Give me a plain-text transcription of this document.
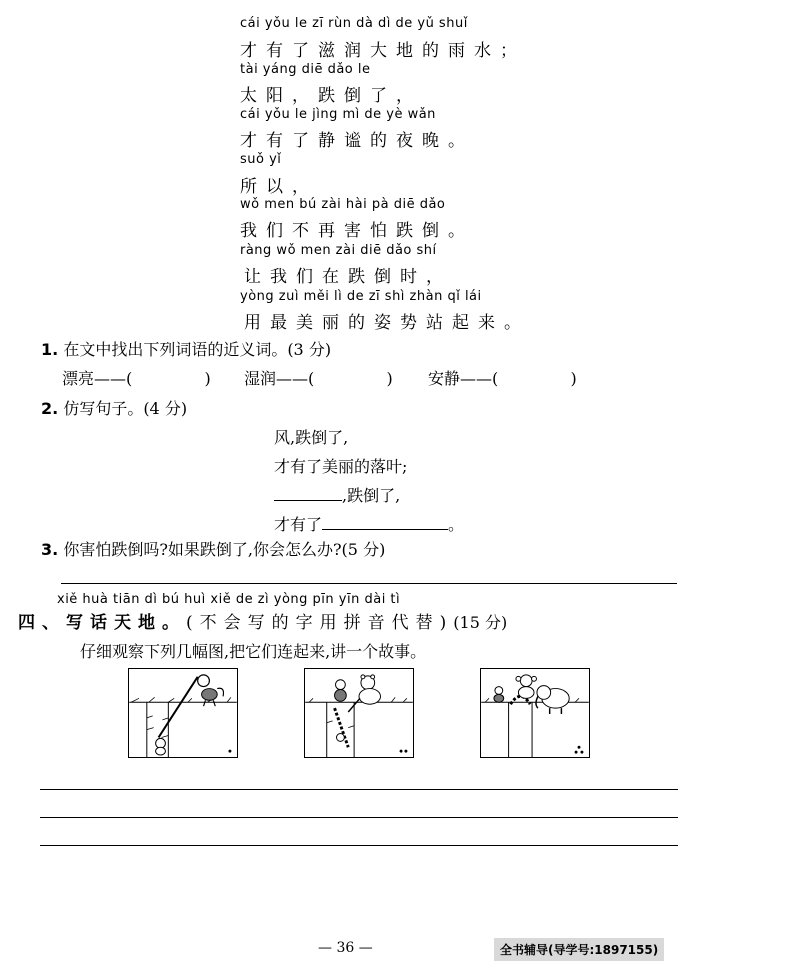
cái yǒu le zī rùn dà dì de yǔ shuǐ
才有了滋润大地的雨水；
tài yáng diē dǎo le
太阳，跌倒了，
cái yǒu le jìng mì de yè wǎn
才有了静谧的夜晚。
suǒ yǐ
所以，
wǒ men bú zài hài pà diē dǎo
我们不再害怕跌倒。
ràng wǒ men zài diē dǎo shí
让我们在跌倒时，
yòng zuì měi lì de zī shì zhàn qǐ lái
用最美丽的姿势站起来。
1. 在文中找出下列词语的近义词。(3 分)
漂亮——(	) 湿润——(	) 安静——(	)
2. 仿写句子。(4 分)
风,跌倒了,
才有了美丽的落叶;
,跌倒了,
才有了	。
3. 你害怕跌倒吗?如果跌倒了,你会怎么办?(5 分)
xiě huà tiān dì bú huì xiě de zì yòng pīn yīn dài tì
四、写话天地。(不会写的字用拼音代替)(15 分)
仔细观察下列几幅图,把它们连起来,讲一个故事。
— 36 —	全书辅导(导学号:1897155)
